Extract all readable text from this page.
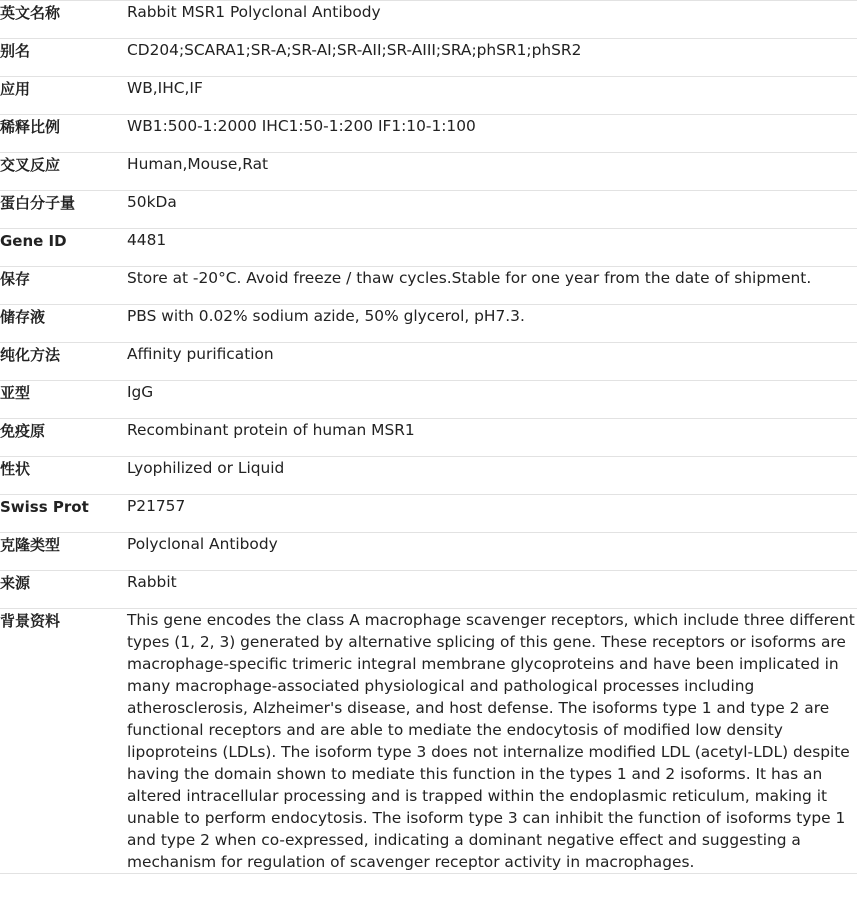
英文名称	Rabbit MSR1 Polyclonal Antibody
别名	CD204;SCARA1;SR-A;SR-AI;SR-AII;SR-AIII;SRA;phSR1;phSR2
应用	WB,IHC,IF
稀释比例	WB1:500-1:2000 IHC1:50-1:200 IF1:10-1:100
交叉反应	Human,Mouse,Rat
蛋白分子量	50kDa
Gene ID	4481
保存	Store at -20°C. Avoid freeze / thaw cycles.Stable for one year from the date of shipment.
储存液	PBS with 0.02% sodium azide, 50% glycerol, pH7.3.
纯化方法	Affinity purification
亚型	IgG
免疫原	Recombinant protein of human MSR1
性状	Lyophilized or Liquid
Swiss Prot	P21757
克隆类型	Polyclonal Antibody
来源	Rabbit
背景资料	This gene encodes the class A macrophage scavenger receptors, which include three different types (1, 2, 3) generated by alternative splicing of this gene. These receptors or isoforms are macrophage-specific trimeric integral membrane glycoproteins and have been implicated in many macrophage-associated physiological and pathological processes including atherosclerosis, Alzheimer's disease, and host defense. The isoforms type 1 and type 2 are functional receptors and are able to mediate the endocytosis of modified low density lipoproteins (LDLs). The isoform type 3 does not internalize modified LDL (acetyl-LDL) despite having the domain shown to mediate this function in the types 1 and 2 isoforms. It has an altered intracellular processing and is trapped within the endoplasmic reticulum, making it unable to perform endocytosis. The isoform type 3 can inhibit the function of isoforms type 1 and type 2 when co-expressed, indicating a dominant negative effect and suggesting a mechanism for regulation of scavenger receptor activity in macrophages.
